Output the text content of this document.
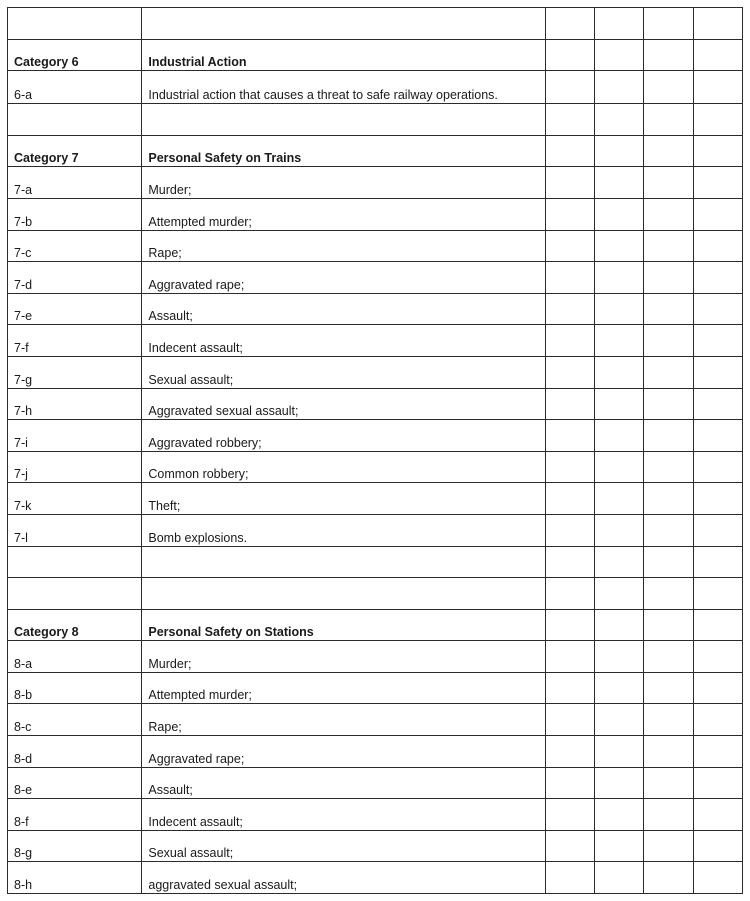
Category 6	Industrial Action				

6-a	Industrial action that causes a threat to safe railway operations.				

Category 7	Personal Safety on Trains				

7-a	Murder;				

7-b	Attempted murder;				

7-c	Rape;				

7-d	Aggravated rape;				

7-e	Assault;				

7-f	Indecent assault;				

7-g	Sexual assault;				

7-h	Aggravated sexual assault;				

7-i	Aggravated robbery;				

7-j	Common robbery;				

7-k	Theft;				

7-l	Bomb explosions.				

Category 8	Personal Safety on Stations				

8-a	Murder;				

8-b	Attempted murder;				

8-c	Rape;				

8-d	Aggravated rape;				

8-e	Assault;				

8-f	Indecent assault;				

8-g	Sexual assault;				

8-h	aggravated sexual assault;				
